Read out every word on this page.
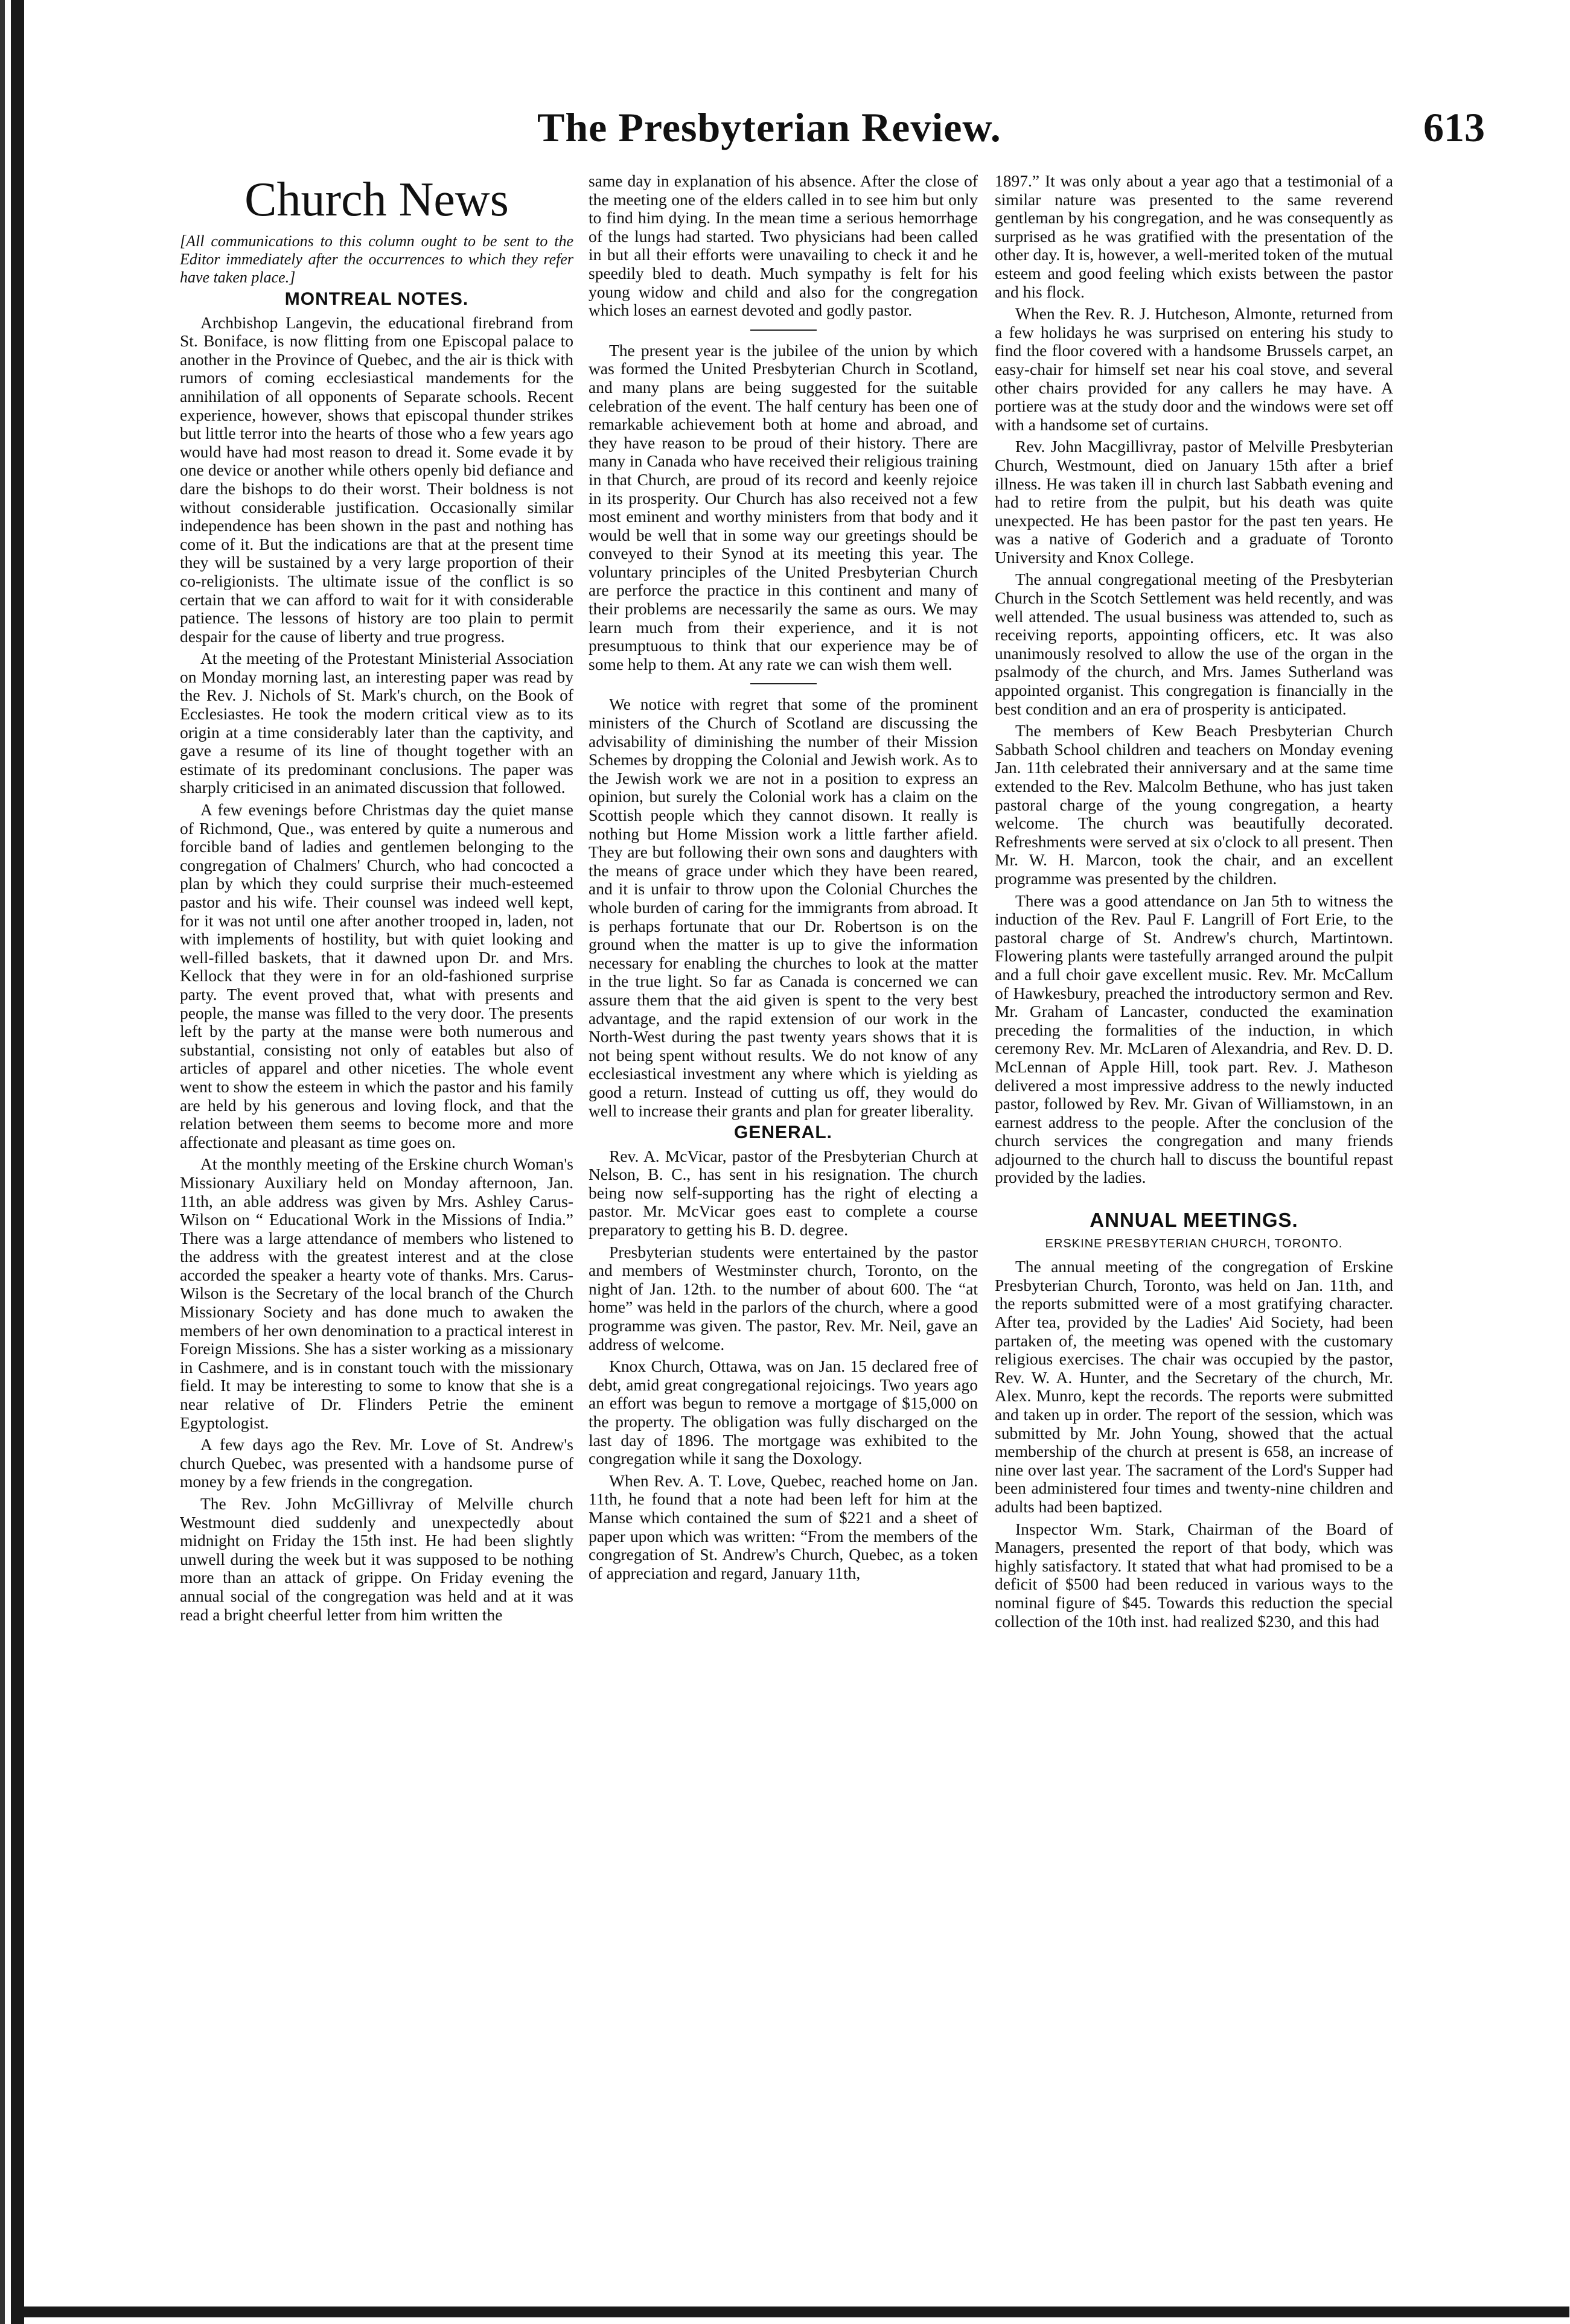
The Presbyterian Review.	613
Church News

[All communications to this column ought to be sent to the Editor immediately after the occurrences to which they refer have taken place.]

MONTREAL NOTES.

Archbishop Langevin, the educational firebrand from St. Boniface, is now flitting from one Episcopal palace to another in the Province of Quebec, and the air is thick with rumors of coming ecclesiastical mandements for the annihilation of all opponents of Separate schools. Recent experience, however, shows that episcopal thunder strikes but little terror into the hearts of those who a few years ago would have had most reason to dread it. Some evade it by one device or another while others openly bid defiance and dare the bishops to do their worst. Their boldness is not without considerable justification. Occasionally similar independence has been shown in the past and nothing has come of it. But the indications are that at the present time they will be sustained by a very large proportion of their co-religionists. The ultimate issue of the conflict is so certain that we can afford to wait for it with considerable patience. The lessons of history are too plain to permit despair for the cause of liberty and true progress.

At the meeting of the Protestant Ministerial Association on Monday morning last, an interesting paper was read by the Rev. J. Nichols of St. Mark's church, on the Book of Ecclesiastes. He took the modern critical view as to its origin at a time considerably later than the captivity, and gave a resume of its line of thought together with an estimate of its predominant conclusions. The paper was sharply criticised in an animated discussion that followed.

A few evenings before Christmas day the quiet manse of Richmond, Que., was entered by quite a numerous and forcible band of ladies and gentlemen belonging to the congregation of Chalmers' Church, who had concocted a plan by which they could surprise their much-esteemed pastor and his wife. Their counsel was indeed well kept, for it was not until one after another trooped in, laden, not with implements of hostility, but with quiet looking and well-filled baskets, that it dawned upon Dr. and Mrs. Kellock that they were in for an old-fashioned surprise party. The event proved that, what with presents and people, the manse was filled to the very door. The presents left by the party at the manse were both numerous and substantial, consisting not only of eatables but also of articles of apparel and other niceties. The whole event went to show the esteem in which the pastor and his family are held by his generous and loving flock, and that the relation between them seems to become more and more affectionate and pleasant as time goes on.

At the monthly meeting of the Erskine church Woman's Missionary Auxiliary held on Monday afternoon, Jan. 11th, an able address was given by Mrs. Ashley Carus-Wilson on “ Educational Work in the Missions of India.” There was a large attendance of members who listened to the address with the greatest interest and at the close accorded the speaker a hearty vote of thanks. Mrs. Carus-Wilson is the Secretary of the local branch of the Church Missionary Society and has done much to awaken the members of her own denomination to a practical interest in Foreign Missions. She has a sister working as a missionary in Cashmere, and is in constant touch with the missionary field. It may be interesting to some to know that she is a near relative of Dr. Flinders Petrie the eminent Egyptologist.

A few days ago the Rev. Mr. Love of St. Andrew's church Quebec, was presented with a handsome purse of money by a few friends in the congregation.

The Rev. John McGillivray of Melville church Westmount died suddenly and unexpectedly about midnight on Friday the 15th inst. He had been slightly unwell during the week but it was supposed to be nothing more than an attack of grippe. On Friday evening the annual social of the congregation was held and at it was read a bright cheerful letter from him written the

same day in explanation of his absence. After the close of the meeting one of the elders called in to see him but only to find him dying. In the mean time a serious hemorrhage of the lungs had started. Two physicians had been called in but all their efforts were unavailing to check it and he speedily bled to death. Much sympathy is felt for his young widow and child and also for the congregation which loses an earnest devoted and godly pastor.

The present year is the jubilee of the union by which was formed the United Presbyterian Church in Scotland, and many plans are being suggested for the suitable celebration of the event. The half century has been one of remarkable achievement both at home and abroad, and they have reason to be proud of their history. There are many in Canada who have received their religious training in that Church, are proud of its record and keenly rejoice in its prosperity. Our Church has also received not a few most eminent and worthy ministers from that body and it would be well that in some way our greetings should be conveyed to their Synod at its meeting this year. The voluntary principles of the United Presbyterian Church are perforce the practice in this continent and many of their problems are necessarily the same as ours. We may learn much from their experience, and it is not presumptuous to think that our experience may be of some help to them. At any rate we can wish them well.

We notice with regret that some of the prominent ministers of the Church of Scotland are discussing the advisability of diminishing the number of their Mission Schemes by dropping the Colonial and Jewish work. As to the Jewish work we are not in a position to express an opinion, but surely the Colonial work has a claim on the Scottish people which they cannot disown. It really is nothing but Home Mission work a little farther afield. They are but following their own sons and daughters with the means of grace under which they have been reared, and it is unfair to throw upon the Colonial Churches the whole burden of caring for the immigrants from abroad. It is perhaps fortunate that our Dr. Robertson is on the ground when the matter is up to give the information necessary for enabling the churches to look at the matter in the true light. So far as Canada is concerned we can assure them that the aid given is spent to the very best advantage, and the rapid extension of our work in the North-West during the past twenty years shows that it is not being spent without results. We do not know of any ecclesiastical investment any where which is yielding as good a return. Instead of cutting us off, they would do well to increase their grants and plan for greater liberality.

GENERAL.

Rev. A. McVicar, pastor of the Presbyterian Church at Nelson, B. C., has sent in his resignation. The church being now self-supporting has the right of electing a pastor. Mr. McVicar goes east to complete a course preparatory to getting his B. D. degree.

Presbyterian students were entertained by the pastor and members of Westminster church, Toronto, on the night of Jan. 12th. to the number of about 600. The “at home” was held in the parlors of the church, where a good programme was given. The pastor, Rev. Mr. Neil, gave an address of welcome.

Knox Church, Ottawa, was on Jan. 15 declared free of debt, amid great congregational rejoicings. Two years ago an effort was begun to remove a mortgage of $15,000 on the property. The obligation was fully discharged on the last day of 1896. The mortgage was exhibited to the congregation while it sang the Doxology.

When Rev. A. T. Love, Quebec, reached home on Jan. 11th, he found that a note had been left for him at the Manse which contained the sum of $221 and a sheet of paper upon which was written: “From the members of the congregation of St. Andrew's Church, Quebec, as a token of appreciation and regard, January 11th,

1897.” It was only about a year ago that a testimonial of a similar nature was presented to the same reverend gentleman by his congregation, and he was consequently as surprised as he was gratified with the presentation of the other day. It is, however, a well-merited token of the mutual esteem and good feeling which exists between the pastor and his flock.

When the Rev. R. J. Hutcheson, Almonte, returned from a few holidays he was surprised on entering his study to find the floor covered with a handsome Brussels carpet, an easy-chair for himself set near his coal stove, and several other chairs provided for any callers he may have. A portiere was at the study door and the windows were set off with a handsome set of curtains.

Rev. John Macgillivray, pastor of Melville Presbyterian Church, Westmount, died on January 15th after a brief illness. He was taken ill in church last Sabbath evening and had to retire from the pulpit, but his death was quite unexpected. He has been pastor for the past ten years. He was a native of Goderich and a graduate of Toronto University and Knox College.

The annual congregational meeting of the Presbyterian Church in the Scotch Settlement was held recently, and was well attended. The usual business was attended to, such as receiving reports, appointing officers, etc. It was also unanimously resolved to allow the use of the organ in the psalmody of the church, and Mrs. James Sutherland was appointed organist. This congregation is financially in the best condition and an era of prosperity is anticipated.

The members of Kew Beach Presbyterian Church Sabbath School children and teachers on Monday evening Jan. 11th celebrated their anniversary and at the same time extended to the Rev. Malcolm Bethune, who has just taken pastoral charge of the young congregation, a hearty welcome. The church was beautifully decorated. Refreshments were served at six o'clock to all present. Then Mr. W. H. Marcon, took the chair, and an excellent programme was presented by the children.

There was a good attendance on Jan 5th to witness the induction of the Rev. Paul F. Langrill of Fort Erie, to the pastoral charge of St. Andrew's church, Martintown. Flowering plants were tastefully arranged around the pulpit and a full choir gave excellent music. Rev. Mr. McCallum of Hawkesbury, preached the introductory sermon and Rev. Mr. Graham of Lancaster, conducted the examination preceding the formalities of the induction, in which ceremony Rev. Mr. McLaren of Alexandria, and Rev. D. D. McLennan of Apple Hill, took part. Rev. J. Matheson delivered a most impressive address to the newly inducted pastor, followed by Rev. Mr. Givan of Williamstown, in an earnest address to the people. After the conclusion of the church services the congregation and many friends adjourned to the church hall to discuss the bountiful repast provided by the ladies.

ANNUAL MEETINGS.
ERSKINE PRESBYTERIAN CHURCH, TORONTO.

The annual meeting of the congregation of Erskine Presbyterian Church, Toronto, was held on Jan. 11th, and the reports submitted were of a most gratifying character. After tea, provided by the Ladies' Aid Society, had been partaken of, the meeting was opened with the customary religious exercises. The chair was occupied by the pastor, Rev. W. A. Hunter, and the Secretary of the church, Mr. Alex. Munro, kept the records. The reports were submitted and taken up in order. The report of the session, which was submitted by Mr. John Young, showed that the actual membership of the church at present is 658, an increase of nine over last year. The sacrament of the Lord's Supper had been administered four times and twenty-nine children and adults had been baptized.

Inspector Wm. Stark, Chairman of the Board of Managers, presented the report of that body, which was highly satisfactory. It stated that what had promised to be a deficit of $500 had been reduced in various ways to the nominal figure of $45. Towards this reduction the special collection of the 10th inst. had realized $230, and this had
